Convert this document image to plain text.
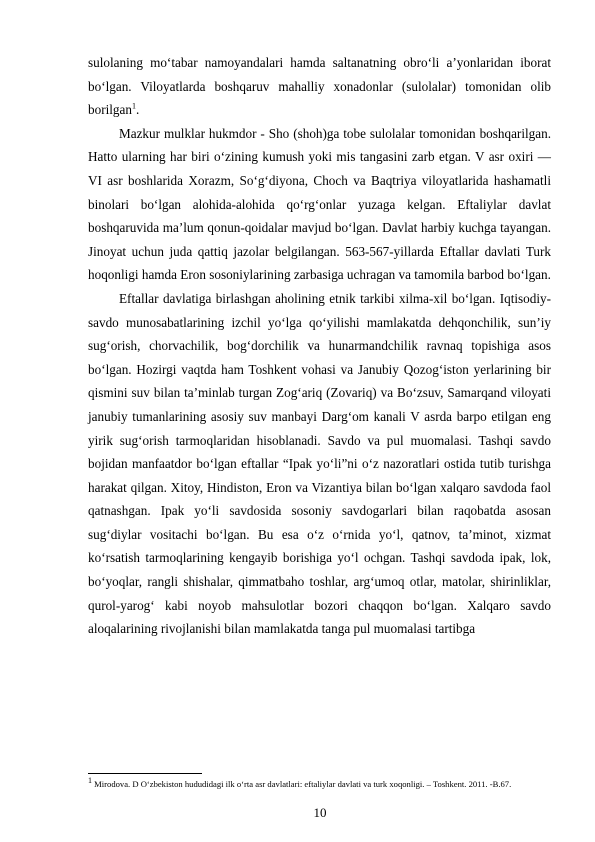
sulolaning mo‘tabar namoyandalari hamda saltanatning obro‘li a’yonlaridan iborat bo‘lgan. Viloyatlarda boshqaruv mahalliy xonadonlar (sulolalar) tomonidan olib borilgan$^1$.

Mazkur mulklar hukmdor - Sho (shoh)ga tobe sulolalar tomonidan boshqarilgan. Hatto ularning har biri o‘zining kumush yoki mis tangasini zarb etgan. V asr oxiri — VI asr boshlarida Xorazm, So‘g‘diyona, Choch va Baqtriya viloyatlarida hashamatli binolari bo‘lgan alohida-alohida qo‘rg‘onlar yuzaga kelgan. Eftaliylar davlat boshqaruvida ma’lum qonun-qoidalar mavjud bo‘lgan. Davlat harbiy kuchga tayangan. Jinoyat uchun juda qattiq jazolar belgilangan. 563-567-yillarda Eftallar davlati Turk hoqonligi hamda Eron sosoniylarining zarbasiga uchragan va tamomila barbod bo‘lgan.

Eftallar davlatiga birlashgan aholining etnik tarkibi xilma-xil bo‘lgan. Iqtisodiy-savdo munosabatlarining izchil yo‘lga qo‘yilishi mamlakatda dehqonchilik, sun’iy sug‘orish, chorvachilik, bog‘dorchilik va hunarmandchilik ravnaq topishiga asos bo‘lgan. Hozirgi vaqtda ham Toshkent vohasi va Janubiy Qozog‘iston yerlarining bir qismini suv bilan ta’minlab turgan Zog‘ariq (Zovariq) va Bo‘zsuv, Samarqand viloyati janubiy tumanlarining asosiy suv manbayi Darg‘om kanali V asrda barpo etilgan eng yirik sug‘orish tarmoqlaridan hisoblanadi. Savdo va pul muomalasi. Tashqi savdo bojidan manfaatdor bo‘lgan eftallar “Ipak yo‘li”ni o‘z nazoratlari ostida tutib turishga harakat qilgan. Xitoy, Hindiston, Eron va Vizantiya bilan bo‘lgan xalqaro savdoda faol qatnashgan. Ipak yo‘li savdosida sosoniy savdogarlari bilan raqobatda asosan sug‘diylar vositachi bo‘lgan. Bu esa o‘z o‘rnida yo‘l, qatnov, ta’minot, xizmat ko‘rsatish tarmoqlarining kengayib borishiga yo‘l ochgan. Tashqi savdoda ipak, lok, bo‘yoqlar, rangli shishalar, qimmatbaho toshlar, arg‘umoq otlar, matolar, shirinliklar, qurol-yarog‘ kabi noyob mahsulotlar bozori chaqqon bo‘lgan. Xalqaro savdo aloqalarining rivojlanishi bilan mamlakatda tanga pul muomalasi tartibga

$^1$ Mirodova. D O‘zbekiston hududidagi ilk o‘rta asr davlatlari: eftaliylar davlati va turk xoqonligi. – Toshkent. 2011. -B.67.
10
